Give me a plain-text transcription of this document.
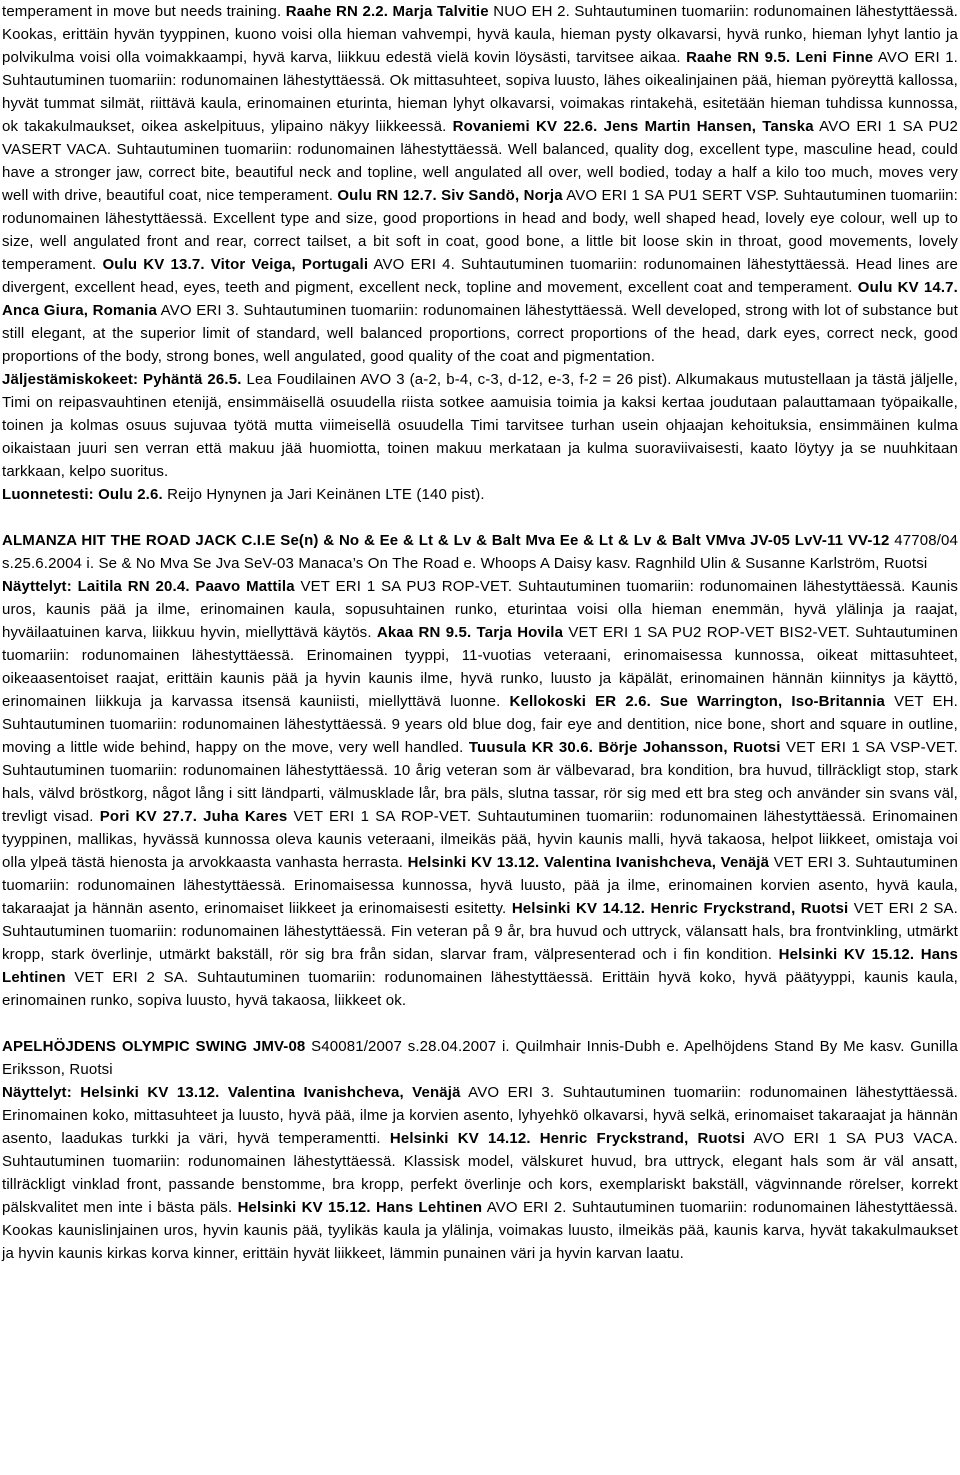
temperament in move but needs training. Raahe RN 2.2. Marja Talvitie NUO EH 2. Suhtautuminen tuomariin: rodunomainen lähestyttäessä. Kookas, erittäin hyvän tyyppinen, kuono voisi olla hieman vahvempi, hyvä kaula, hieman pysty olkavarsi, hyvä runko, hieman lyhyt lantio ja polvikulma voisi olla voimakkaampi, hyvä karva, liikkuu edestä vielä kovin löysästi, tarvitsee aikaa. Raahe RN 9.5. Leni Finne AVO ERI 1. Suhtautuminen tuomariin: rodunomainen lähestyttäessä. Ok mittasuhteet, sopiva luusto, lähes oikealinjainen pää, hieman pyöreyttä kallossa, hyvät tummat silmät, riittävä kaula, erinomainen eturinta, hieman lyhyt olkavarsi, voimakas rintakehä, esitetään hieman tuhdissa kunnossa, ok takakulmaukset, oikea askelpituus, ylipaino näkyy liikkeessä. Rovaniemi KV 22.6. Jens Martin Hansen, Tanska AVO ERI 1 SA PU2 VASERT VACA. Suhtautuminen tuomariin: rodunomainen lähestyttäessä. Well balanced, quality dog, excellent type, masculine head, could have a stronger jaw, correct bite, beautiful neck and topline, well angulated all over, well bodied, today a half a kilo too much, moves very well with drive, beautiful coat, nice temperament. Oulu RN 12.7. Siv Sandö, Norja AVO ERI 1 SA PU1 SERT VSP. Suhtautuminen tuomariin: rodunomainen lähestyttäessä. Excellent type and size, good proportions in head and body, well shaped head, lovely eye colour, well up to size, well angulated front and rear, correct tailset, a bit soft in coat, good bone, a little bit loose skin in throat, good movements, lovely temperament. Oulu KV 13.7. Vitor Veiga, Portugali AVO ERI 4. Suhtautuminen tuomariin: rodunomainen lähestyttäessä. Head lines are divergent, excellent head, eyes, teeth and pigment, excellent neck, topline and movement, excellent coat and temperament. Oulu KV 14.7. Anca Giura, Romania AVO ERI 3. Suhtautuminen tuomariin: rodunomainen lähestyttäessä. Well developed, strong with lot of substance but still elegant, at the superior limit of standard, well balanced proportions, correct proportions of the head, dark eyes, correct neck, good proportions of the body, strong bones, well angulated, good quality of the coat and pigmentation.

Jäljestämiskokeet: Pyhäntä 26.5. Lea Foudilainen AVO 3 (a-2, b-4, c-3, d-12, e-3, f-2 = 26 pist). Alkumakaus mutustellaan ja tästä jäljelle, Timi on reipasvauhtinen etenijä, ensimmäisellä osuudella riista sotkee aamuisia toimia ja kaksi kertaa joudutaan palauttamaan työpaikalle, toinen ja kolmas osuus sujuvaa työtä mutta viimeisellä osuudella Timi tarvitsee turhan usein ohjaajan kehoituksia, ensimmäinen kulma oikaistaan juuri sen verran että makuu jää huomiotta, toinen makuu merkataan ja kulma suoraviivaisesti, kaato löytyy ja se nuuhkitaan tarkkaan, kelpo suoritus.

Luonnetesti: Oulu 2.6. Reijo Hynynen ja Jari Keinänen LTE (140 pist).

ALMANZA HIT THE ROAD JACK C.I.E Se(n) & No & Ee & Lt & Lv & Balt Mva Ee & Lt & Lv & Balt VMva JV-05 LvV-11 VV-12 47708/04 s.25.6.2004 i. Se & No Mva Se Jva SeV-03 Manaca’s On The Road e. Whoops A Daisy kasv. Ragnhild Ulin & Susanne Karlström, Ruotsi

Näyttelyt: Laitila RN 20.4. Paavo Mattila VET ERI 1 SA PU3 ROP-VET. Suhtautuminen tuomariin: rodunomainen lähestyttäessä. Kaunis uros, kaunis pää ja ilme, erinomainen kaula, sopusuhtainen runko, eturintaa voisi olla hieman enemmän, hyvä ylälinja ja raajat, hyväilaatuinen karva, liikkuu hyvin, miellyttävä käytös. Akaa RN 9.5. Tarja Hovila VET ERI 1 SA PU2 ROP-VET BIS2-VET. Suhtautuminen tuomariin: rodunomainen lähestyttäessä. Erinomainen tyyppi, 11-vuotias veteraani, erinomaisessa kunnossa, oikeat mittasuhteet, oikeaasentoiset raajat, erittäin kaunis pää ja hyvin kaunis ilme, hyvä runko, luusto ja käpälät, erinomainen hännän kiinnitys ja käyttö, erinomainen liikkuja ja karvassa itsensä kauniisti, miellyttävä luonne. Kellokoski ER 2.6. Sue Warrington, Iso-Britannia VET EH. Suhtautuminen tuomariin: rodunomainen lähestyttäessä. 9 years old blue dog, fair eye and dentition, nice bone, short and square in outline, moving a little wide behind, happy on the move, very well handled. Tuusula KR 30.6. Börje Johansson, Ruotsi VET ERI 1 SA VSP-VET. Suhtautuminen tuomariin: rodunomainen lähestyttäessä. 10 årig veteran som är välbevarad, bra kondition, bra huvud, tillräckligt stop, stark hals, välvd bröstkorg, något lång i sitt ländparti, välmusklade lår, bra päls, slutna tassar, rör sig med ett bra steg och använder sin svans väl, trevligt visad. Pori KV 27.7. Juha Kares VET ERI 1 SA ROP-VET. Suhtautuminen tuomariin: rodunomainen lähestyttäessä. Erinomainen tyyppinen, mallikas, hyvässä kunnossa oleva kaunis veteraani, ilmeikäs pää, hyvin kaunis malli, hyvä takaosa, helpot liikkeet, omistaja voi olla ylpeä tästä hienosta ja arvokkaasta vanhasta herrasta. Helsinki KV 13.12. Valentina Ivanishcheva, Venäjä VET ERI 3. Suhtautuminen tuomariin: rodunomainen lähestyttäessä. Erinomaisessa kunnossa, hyvä luusto, pää ja ilme, erinomainen korvien asento, hyvä kaula, takaraajat ja hännän asento, erinomaiset liikkeet ja erinomaisesti esitetty. Helsinki KV 14.12. Henric Fryckstrand, Ruotsi VET ERI 2 SA. Suhtautuminen tuomariin: rodunomainen lähestyttäessä. Fin veteran på 9 år, bra huvud och uttryck, välansatt hals, bra frontvinkling, utmärkt kropp, stark överlinje, utmärkt bakställ, rör sig bra från sidan, slarvar fram, välpresenterad och i fin kondition. Helsinki KV 15.12. Hans Lehtinen VET ERI 2 SA. Suhtautuminen tuomariin: rodunomainen lähestyttäessä. Erittäin hyvä koko, hyvä päätyyppi, kaunis kaula, erinomainen runko, sopiva luusto, hyvä takaosa, liikkeet ok.

APELHÖJDENS OLYMPIC SWING JMV-08 S40081/2007 s.28.04.2007 i. Quilmhair Innis-Dubh e. Apelhöjdens Stand By Me kasv. Gunilla Eriksson, Ruotsi

Näyttelyt: Helsinki KV 13.12. Valentina Ivanishcheva, Venäjä AVO ERI 3. Suhtautuminen tuomariin: rodunomainen lähestyttäessä. Erinomainen koko, mittasuhteet ja luusto, hyvä pää, ilme ja korvien asento, lyhyehkö olkavarsi, hyvä selkä, erinomaiset takaraajat ja hännän asento, laadukas turkki ja väri, hyvä temperamentti. Helsinki KV 14.12. Henric Fryckstrand, Ruotsi AVO ERI 1 SA PU3 VACA. Suhtautuminen tuomariin: rodunomainen lähestyttäessä. Klassisk model, välskuret huvud, bra uttryck, elegant hals som är väl ansatt, tillräckligt vinklad front, passande benstomme, bra kropp, perfekt överlinje och kors, exemplariskt bakställ, vägvinnande rörelser, korrekt pälskvalitet men inte i bästa päls. Helsinki KV 15.12. Hans Lehtinen AVO ERI 2. Suhtautuminen tuomariin: rodunomainen lähestyttäessä. Kookas kaunislinjainen uros, hyvin kaunis pää, tyylikäs kaula ja ylälinja, voimakas luusto, ilmeikäs pää, kaunis karva, hyvät takakulmaukset ja hyvin kaunis kirkas korva kinner, erittäin hyvät liikkeet, lämmin punainen väri ja hyvin karvan laatu.
